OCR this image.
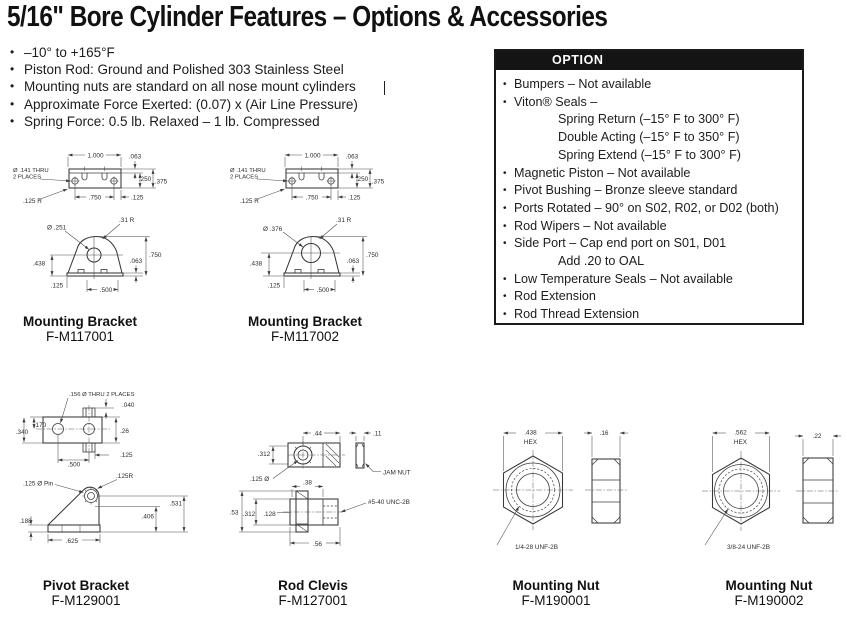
5/16" Bore Cylinder Features – Options & Accessories
• –10° to +165°F
• Piston Rod: Ground and Polished 303 Stainless Steel
• Mounting nuts are standard on all nose mount cylinders
• Approximate Force Exerted: (0.07) x (Air Line Pressure)
• Spring Force: 0.5 lb. Relaxed – 1 lb. Compressed
OPTION
• Bumpers – Not available
• Viton® Seals –
Spring Return (–15° F to 300° F)
Double Acting (–15° F to 350° F)
Spring Extend (–15° F to 300° F)
• Magnetic Piston – Not available
• Pivot Bushing – Bronze sleeve standard
• Ports Rotated – 90° on S02, R02, or D02 (both)
• Rod Wipers – Not available
• Side Port – Cap end port on S01, D01
Add .20 to OAL
• Low Temperature Seals – Not available
• Rod Extension
• Rod Thread Extension
1.000	.063
.250 .375
Ø .141 THRU
2 PLACES
.125 R	.750	.125
Ø .251
.31 R
.750
.063
.438
.125
.500
Mounting Bracket
F-M117001
1.000	.063
.250 .375
Ø .141 THRU
2 PLACES
.125 R	.750	.125
Ø .376
.31 R
.750
.063
.438
.125
.500
Mounting Bracket
F-M117002
.156 Ø THRU 2 PLACES
.040
.170
.340	.26
.125
.500
.125 Ø Pin
.125R
.531
.406
.188
.625
Pivot Bracket
F-M129001
.44
.312
.125 Ø
.11
JAM NUT
.38
.53 .312 .128
#5-40 UNC-2B
.56
Rod Clevis
F-M127001
.438
HEX
1/4-28 UNF-2B
.16
Mounting Nut
F-M190001
.562
HEX
3/8-24 UNF-2B
.22
Mounting Nut
F-M190002
